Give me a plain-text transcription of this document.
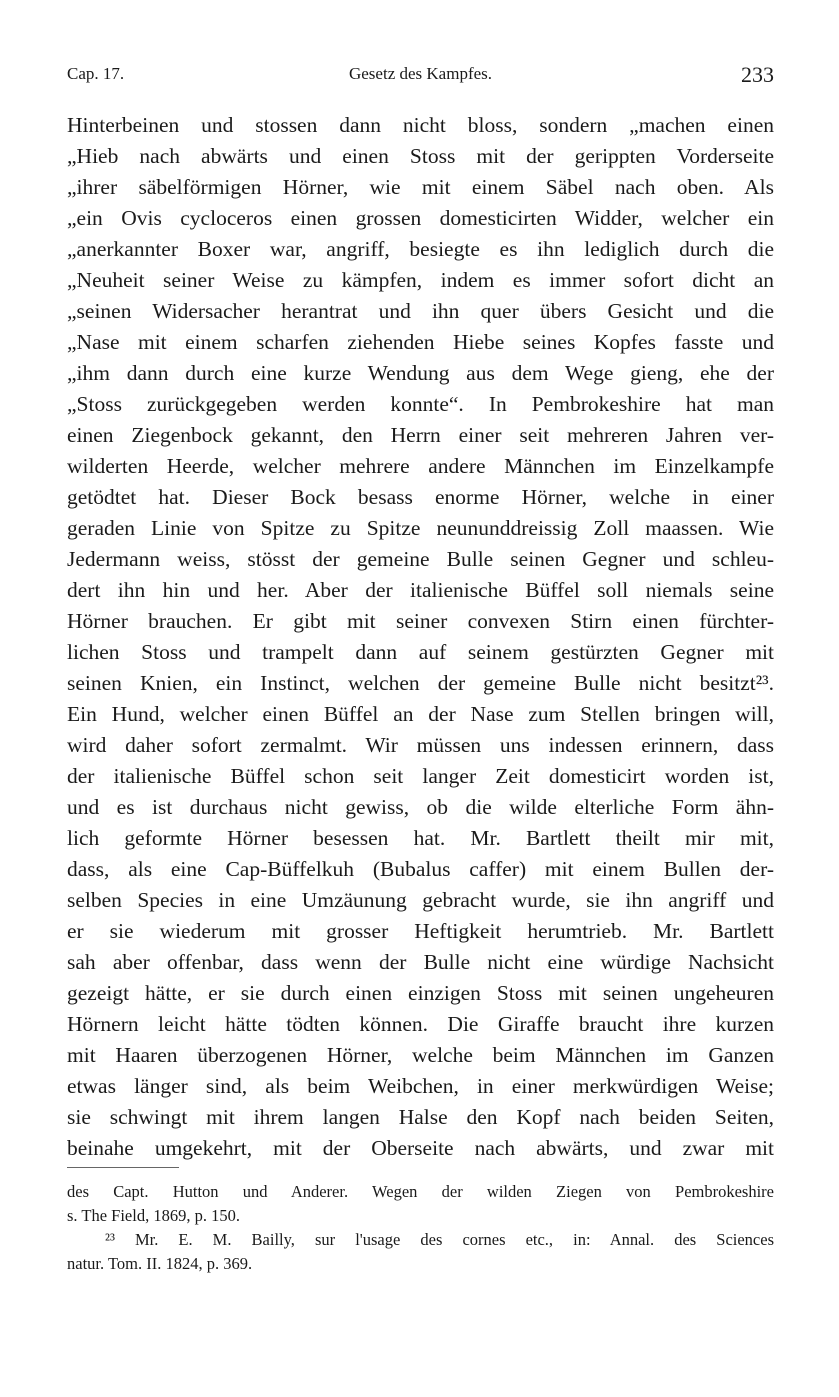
Cap. 17.	Gesetz des Kampfes.	233
Hinterbeinen und stossen dann nicht bloss, sondern „machen einen
„Hieb nach abwärts und einen Stoss mit der gerippten Vorderseite
„ihrer säbelförmigen Hörner, wie mit einem Säbel nach oben. Als
„ein Ovis cycloceros einen grossen domesticirten Widder, welcher ein
„anerkannter Boxer war, angriff, besiegte es ihn lediglich durch die
„Neuheit seiner Weise zu kämpfen, indem es immer sofort dicht an
„seinen Widersacher herantrat und ihn quer übers Gesicht und die
„Nase mit einem scharfen ziehenden Hiebe seines Kopfes fasste und
„ihm dann durch eine kurze Wendung aus dem Wege gieng, ehe der
„Stoss zurückgegeben werden konnte“. In Pembrokeshire hat man
einen Ziegenbock gekannt, den Herrn einer seit mehreren Jahren ver-
wilderten Heerde, welcher mehrere andere Männchen im Einzelkampfe
getödtet hat. Dieser Bock besass enorme Hörner, welche in einer
geraden Linie von Spitze zu Spitze neununddreissig Zoll maassen. Wie
Jedermann weiss, stösst der gemeine Bulle seinen Gegner und schleu-
dert ihn hin und her. Aber der italienische Büffel soll niemals seine
Hörner brauchen. Er gibt mit seiner convexen Stirn einen fürchter-
lichen Stoss und trampelt dann auf seinem gestürzten Gegner mit
seinen Knien, ein Instinct, welchen der gemeine Bulle nicht besitzt²³.
Ein Hund, welcher einen Büffel an der Nase zum Stellen bringen will,
wird daher sofort zermalmt. Wir müssen uns indessen erinnern, dass
der italienische Büffel schon seit langer Zeit domesticirt worden ist,
und es ist durchaus nicht gewiss, ob die wilde elterliche Form ähn-
lich geformte Hörner besessen hat. Mr. Bartlett theilt mir mit,
dass, als eine Cap-Büffelkuh (Bubalus caffer) mit einem Bullen der-
selben Species in eine Umzäunung gebracht wurde, sie ihn angriff und
er sie wiederum mit grosser Heftigkeit herumtrieb. Mr. Bartlett
sah aber offenbar, dass wenn der Bulle nicht eine würdige Nachsicht
gezeigt hätte, er sie durch einen einzigen Stoss mit seinen ungeheuren
Hörnern leicht hätte tödten können. Die Giraffe braucht ihre kurzen
mit Haaren überzogenen Hörner, welche beim Männchen im Ganzen
etwas länger sind, als beim Weibchen, in einer merkwürdigen Weise;
sie schwingt mit ihrem langen Halse den Kopf nach beiden Seiten,
beinahe umgekehrt, mit der Oberseite nach abwärts, und zwar mit
des Capt. Hutton und Anderer. Wegen der wilden Ziegen von Pembrokeshire
s. The Field, 1869, p. 150.
²³ Mr. E. M. Bailly, sur l'usage des cornes etc., in: Annal. des Sciences
natur. Tom. II. 1824, p. 369.
